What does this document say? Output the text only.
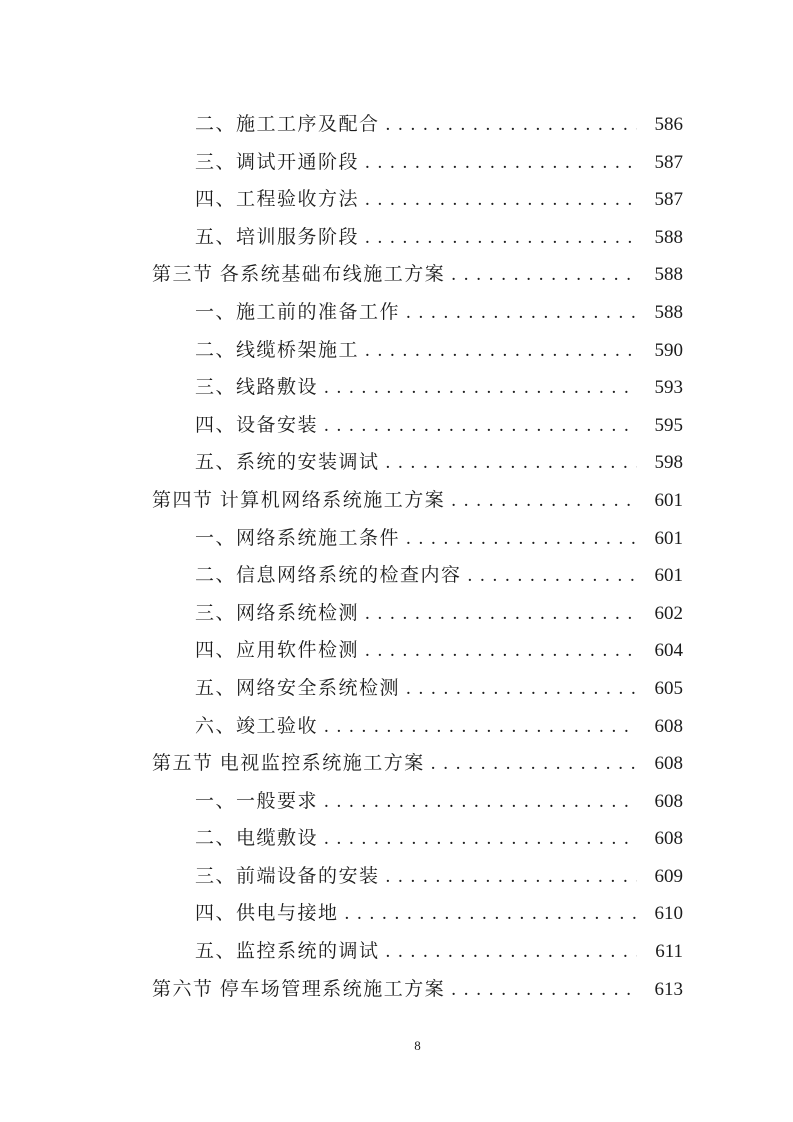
二、施工工序及配合 . . .	586
三、调试开通阶段 . . .	587
四、工程验收方法 . . .	587
五、培训服务阶段 . . .	588
第三节 各系统基础布线施工方案 . . .	588
一、施工前的准备工作 . . .	588
二、线缆桥架施工 . . .	590
三、线路敷设 . . .	593
四、设备安装 . . .	595
五、系统的安装调试 . . .	598
第四节 计算机网络系统施工方案 . . .	601
一、网络系统施工条件 . . .	601
二、信息网络系统的检查内容 . . .	601
三、网络系统检测 . . .	602
四、应用软件检测 . . .	604
五、网络安全系统检测 . . .	605
六、竣工验收 . . .	608
第五节 电视监控系统施工方案 . . .	608
一、一般要求 . . .	608
二、电缆敷设 . . .	608
三、前端设备的安装 . . .	609
四、供电与接地 . . .	610
五、监控系统的调试 . . .	611
第六节 停车场管理系统施工方案 . . .	613
8
